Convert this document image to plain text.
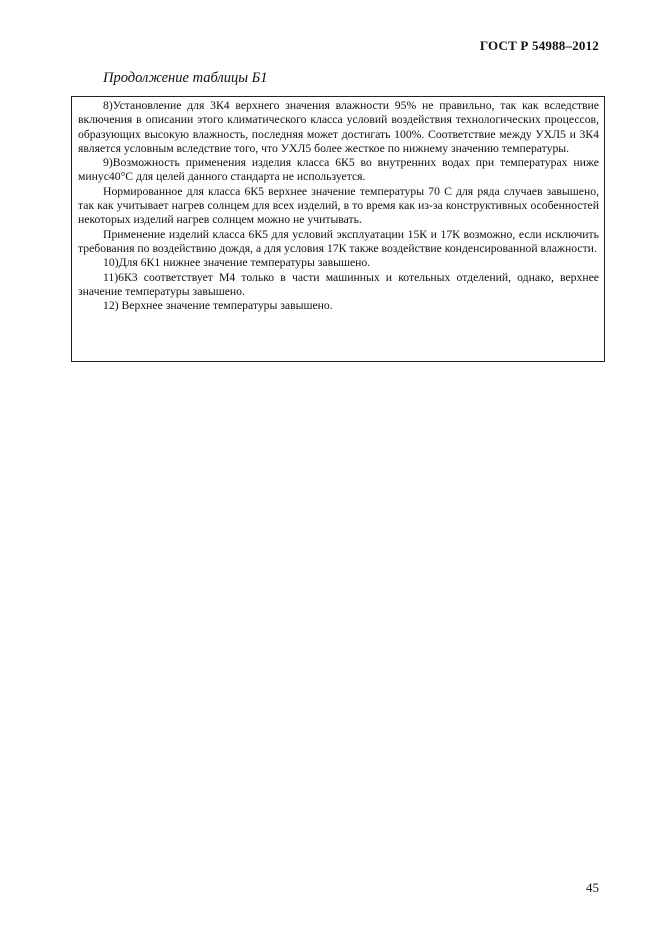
ГОСТ Р 54988–2012
Продолжение таблицы Б1

8)Установление для 3К4 верхнего значения влажности 95% не правильно, так как вследствие включения в описании этого климатического класса условий воздействия технологических процессов, образующих высокую влажность, последняя может достигать 100%. Соответствие между УХЛ5 и 3К4 является условным вследствие того, что УХЛ5 более жесткое по нижнему значению температуры.

9)Возможность применения изделия класса 6К5 во внутренних водах при температурах ниже минус40°С для целей данного стандарта не используется.

Нормированное для класса 6К5 верхнее значение температуры 70 С для ряда случаев завышено, так как учитывает нагрев солнцем для всех изделий, в то время как из-за конструктивных особенностей некоторых изделий нагрев солнцем можно не учитывать.

Применение изделий класса 6К5 для условий эксплуатации 15К и 17К возможно, если исключить требования по воздействию дождя, а для условия 17К также воздействие конденсированной влажности.

10)Для 6К1 нижнее значение температуры завышено.

11)6К3 соответствует М4 только в части машинных и котельных отделений, однако, верхнее значение температуры завышено.

12) Верхнее значение температуры завышено.

45
